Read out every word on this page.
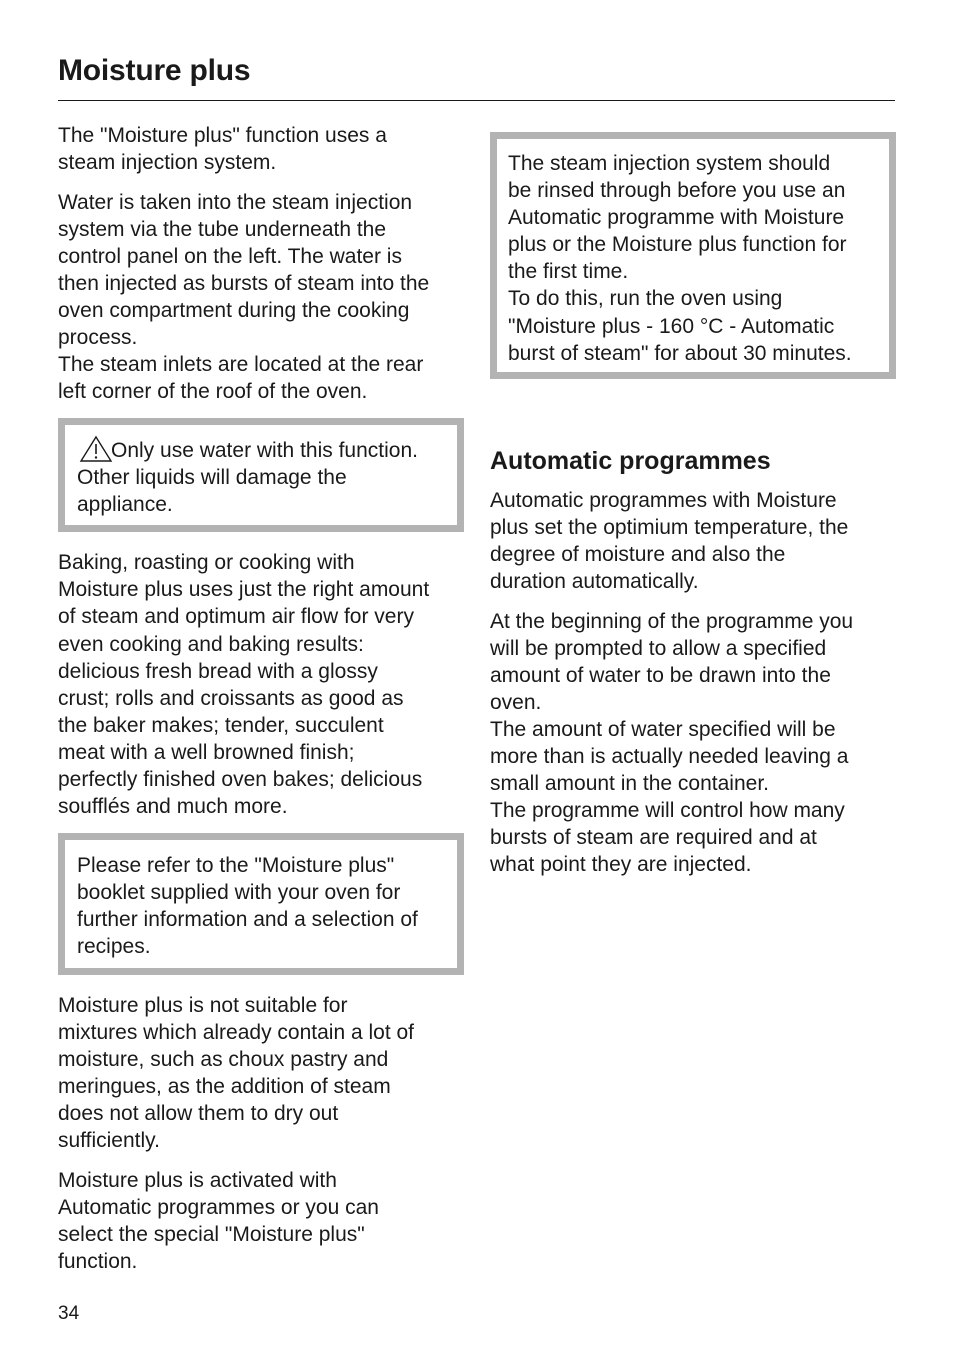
Moisture plus

The "Moisture plus" function uses a
steam injection system.

Water is taken into the steam injection
system via the tube underneath the
control panel on the left. The water is
then injected as bursts of steam into the
oven compartment during the cooking
process.
The steam inlets are located at the rear
left corner of the roof of the oven.

Only use water with this function.
Other liquids will damage the
appliance.

Baking, roasting or cooking with
Moisture plus uses just the right amount
of steam and optimum air flow for very
even cooking and baking results:
delicious fresh bread with a glossy
crust; rolls and croissants as good as
the baker makes; tender, succulent
meat with a well browned finish;
perfectly finished oven bakes; delicious
soufflés and much more.

Please refer to the "Moisture plus"
booklet supplied with your oven for
further information and a selection of
recipes.

Moisture plus is not suitable for
mixtures which already contain a lot of
moisture, such as choux pastry and
meringues, as the addition of steam
does not allow them to dry out
sufficiently.

Moisture plus is activated with
Automatic programmes or you can
select the special "Moisture plus"
function.

The steam injection system should
be rinsed through before you use an
Automatic programme with Moisture
plus or the Moisture plus function for
the first time.
To do this, run the oven using
"Moisture plus - 160 °C - Automatic
burst of steam" for about 30 minutes.

Automatic programmes

Automatic programmes with Moisture
plus set the optimium temperature, the
degree of moisture and also the
duration automatically.

At the beginning of the programme you
will be prompted to allow a specified
amount of water to be drawn into the
oven.
The amount of water specified will be
more than is actually needed leaving a
small amount in the container.
The programme will control how many
bursts of steam are required and at
what point they are injected.

34
